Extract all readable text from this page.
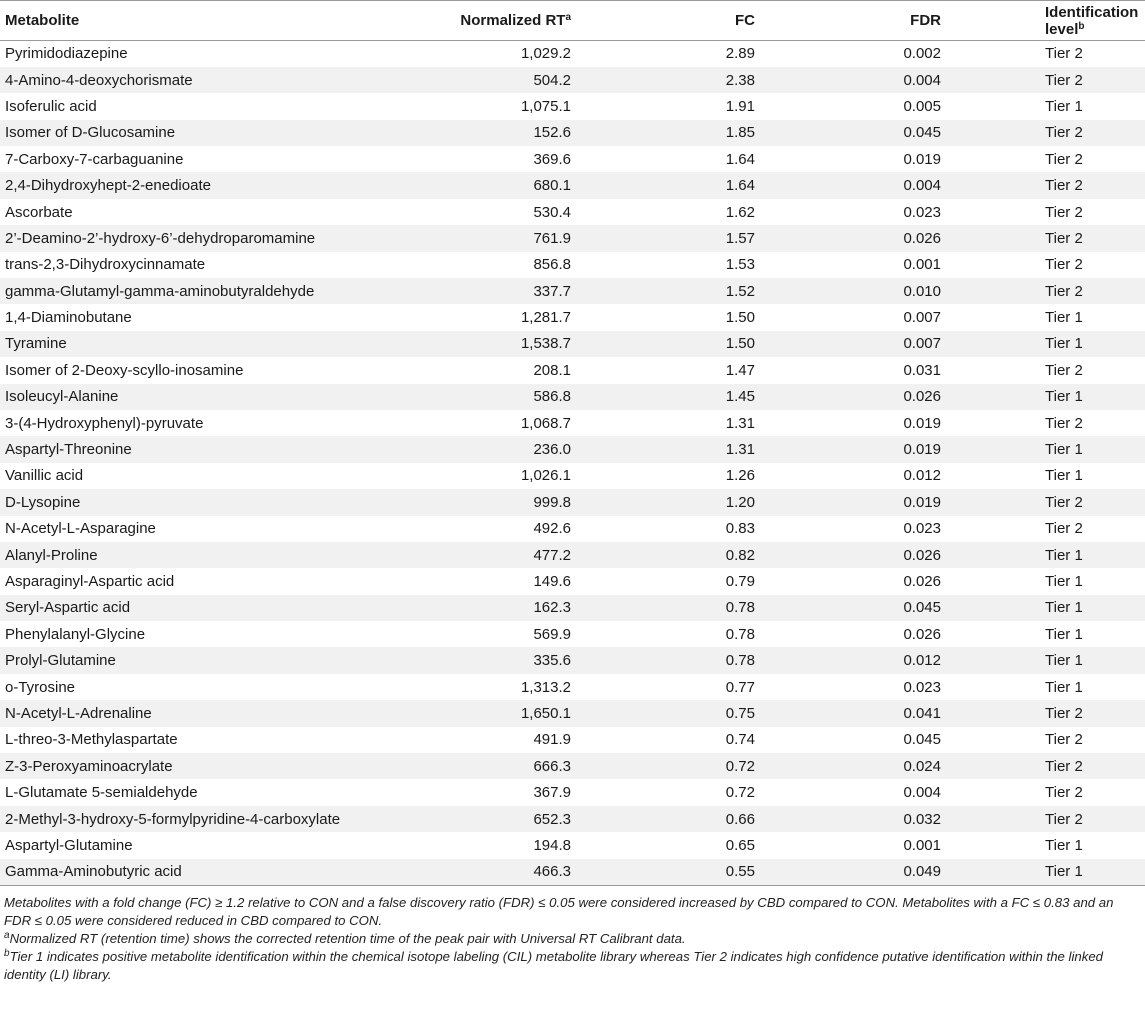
Metabolite	Normalized $RT^a$	FC	FDR	Identification level$^b$
Pyrimidodiazepine	1,029.2	2.89	0.002	Tier 2
4-Amino-4-deoxychorismate	504.2	2.38	0.004	Tier 2
Isoferulic acid	1,075.1	1.91	0.005	Tier 1
Isomer of D-Glucosamine	152.6	1.85	0.045	Tier 2
7-Carboxy-7-carbaguanine	369.6	1.64	0.019	Tier 2
2,4-Dihydroxyhept-2-enedioate	680.1	1.64	0.004	Tier 2
Ascorbate	530.4	1.62	0.023	Tier 2
2’-Deamino-2’-hydroxy-6’-dehydroparomamine	761.9	1.57	0.026	Tier 2
trans-2,3-Dihydroxycinnamate	856.8	1.53	0.001	Tier 2
gamma-Glutamyl-gamma-aminobutyraldehyde	337.7	1.52	0.010	Tier 2
1,4-Diaminobutane	1,281.7	1.50	0.007	Tier 1
Tyramine	1,538.7	1.50	0.007	Tier 1
Isomer of 2-Deoxy-scyllo-inosamine	208.1	1.47	0.031	Tier 2
Isoleucyl-Alanine	586.8	1.45	0.026	Tier 1
3-(4-Hydroxyphenyl)-pyruvate	1,068.7	1.31	0.019	Tier 2
Aspartyl-Threonine	236.0	1.31	0.019	Tier 1
Vanillic acid	1,026.1	1.26	0.012	Tier 1
D-Lysopine	999.8	1.20	0.019	Tier 2
N-Acetyl-L-Asparagine	492.6	0.83	0.023	Tier 2
Alanyl-Proline	477.2	0.82	0.026	Tier 1
Asparaginyl-Aspartic acid	149.6	0.79	0.026	Tier 1
Seryl-Aspartic acid	162.3	0.78	0.045	Tier 1
Phenylalanyl-Glycine	569.9	0.78	0.026	Tier 1
Prolyl-Glutamine	335.6	0.78	0.012	Tier 1
o-Tyrosine	1,313.2	0.77	0.023	Tier 1
N-Acetyl-L-Adrenaline	1,650.1	0.75	0.041	Tier 2
L-threo-3-Methylaspartate	491.9	0.74	0.045	Tier 2
Z-3-Peroxyaminoacrylate	666.3	0.72	0.024	Tier 2
L-Glutamate 5-semialdehyde	367.9	0.72	0.004	Tier 2
2-Methyl-3-hydroxy-5-formylpyridine-4-carboxylate	652.3	0.66	0.032	Tier 2
Aspartyl-Glutamine	194.8	0.65	0.001	Tier 1
Gamma-Aminobutyric acid	466.3	0.55	0.049	Tier 1

Metabolites with a fold change (FC) ≥ 1.2 relative to CON and a false discovery ratio (FDR) ≤ 0.05 were considered increased by CBD compared to CON. Metabolites with a FC ≤ 0.83 and an FDR ≤ 0.05 were considered reduced in CBD compared to CON.

$^a$Normalized RT (retention time) shows the corrected retention time of the peak pair with Universal RT Calibrant data.

$^b$Tier 1 indicates positive metabolite identification within the chemical isotope labeling (CIL) metabolite library whereas Tier 2 indicates high confidence putative identification within the linked identity (LI) library.
